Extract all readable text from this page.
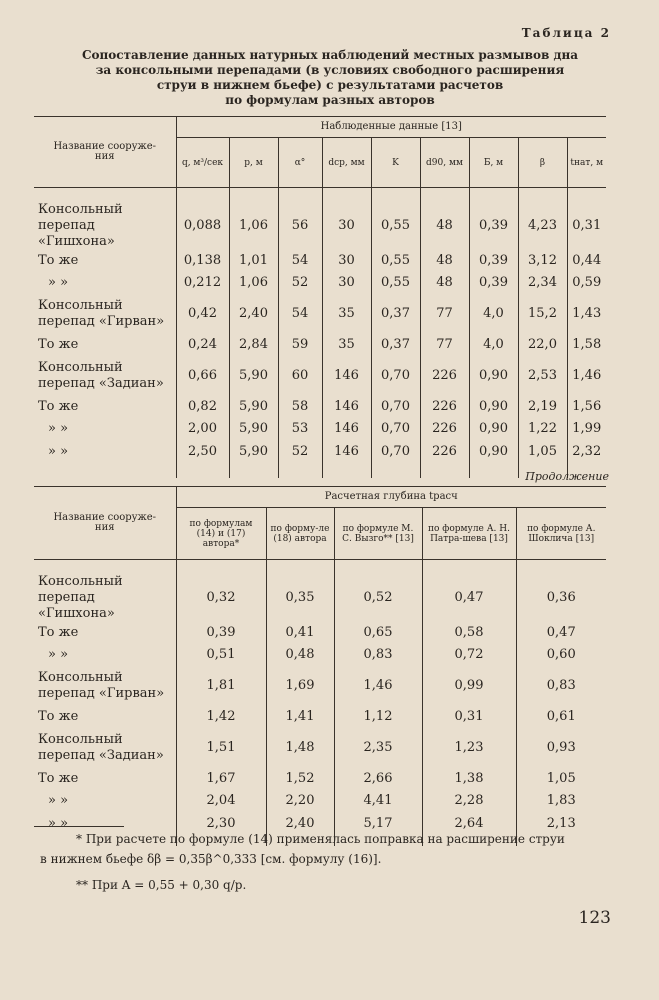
Таблица 2
Сопоставление данных натурных наблюдений местных размывов дна
за консольными перепадами (в условиях свободного расширения
струи в нижнем бьефе) с результатами расчетов
по формулам разных авторов
Название сооруже-ния	Наблюденные данные [13]								
	q, м³/сек	p, м	α°	dср, мм	K	d90, мм	Б, м	β	tнат, м

Консольный перепад «Гишхона»	0,088	1,06	56	30	0,55	48	0,39	4,23	0,31
То же	0,138	1,01	54	30	0,55	48	0,39	3,12	0,44
» »	0,212	1,06	52	30	0,55	48	0,39	2,34	0,59
Консольный перепад «Гирван»	0,42	2,40	54	35	0,37	77	4,0	15,2	1,43
То же	0,24	2,84	59	35	0,37	77	4,0	22,0	1,58
Консольный перепад «Задиан»	0,66	5,90	60	146	0,70	226	0,90	2,53	1,46
То же	0,82	5,90	58	146	0,70	226	0,90	2,19	1,56
» »	2,00	5,90	53	146	0,70	226	0,90	1,22	1,99
» »	2,50	5,90	52	146	0,70	226	0,90	1,05	2,32

Продолжение
Название сооруже-ния	Расчетная глубина tрасч				
	по формулам (14) и (17) автора*	по форму-ле (18) автора	по формуле М. С. Вызго** [13]	по формуле А. Н. Патра-шева [13]	по формуле А. Шоклича [13]

Консольный перепад «Гишхона»	0,32	0,35	0,52	0,47	0,36
То же	0,39	0,41	0,65	0,58	0,47
» »	0,51	0,48	0,83	0,72	0,60
Консольный перепад «Гирван»	1,81	1,69	1,46	0,99	0,83
То же	1,42	1,41	1,12	0,31	0,61
Консольный перепад «Задиан»	1,51	1,48	2,35	1,23	0,93
То же	1,67	1,52	2,66	1,38	1,05
» »	2,04	2,20	4,41	2,28	1,83
» »	2,30	2,40	5,17	2,64	2,13

* При расчете по формуле (14) применялась поправка на расширение струи
в нижнем бьефе δβ = 0,35β^0,333 [см. формулу (16)].
** При A = 0,55 + 0,30 q/p.
123
